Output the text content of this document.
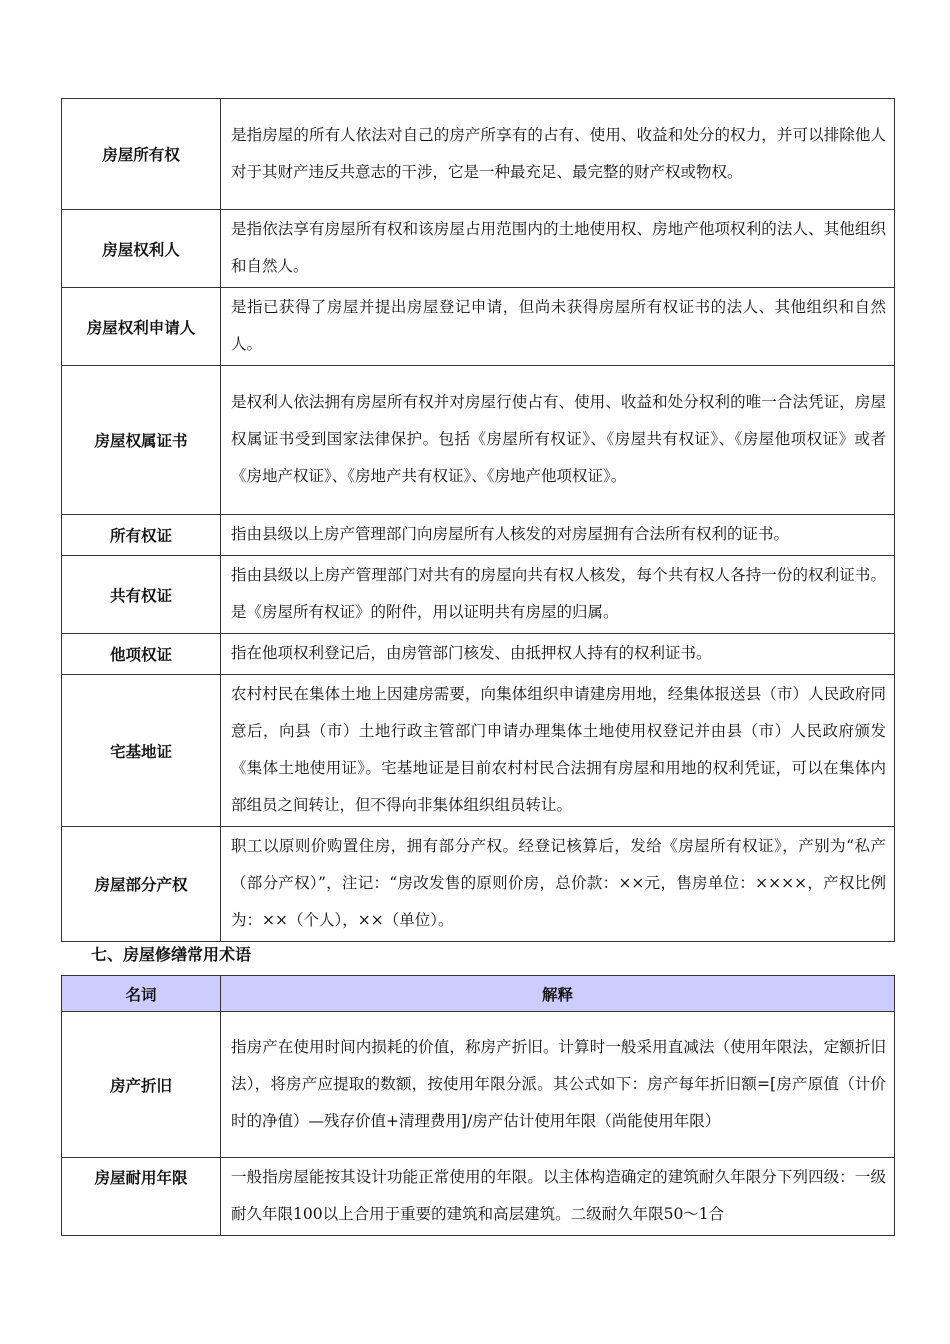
房屋所有权	是指房屋的所有人依法对自己的房产所享有的占有、使用、收益和处分的权力，并可以排除他人对于其财产违反共意志的干涉，它是一种最充足、最完整的财产权或物权。
房屋权利人	是指依法享有房屋所有权和该房屋占用范围内的土地使用权、房地产他项权利的法人、其他组织和自然人。
房屋权利申请人	是指已获得了房屋并提出房屋登记申请，但尚未获得房屋所有权证书的法人、其他组织和自然人。
房屋权属证书	是权利人依法拥有房屋所有权并对房屋行使占有、使用、收益和处分权利的唯一合法凭证，房屋权属证书受到国家法律保护。包括《房屋所有权证》、《房屋共有权证》、《房屋他项权证》或者《房地产权证》、《房地产共有权证》、《房地产他项权证》。
所有权证	指由县级以上房产管理部门向房屋所有人核发的对房屋拥有合法所有权利的证书。
共有权证	指由县级以上房产管理部门对共有的房屋向共有权人核发，每个共有权人各持一份的权利证书。是《房屋所有权证》的附件，用以证明共有房屋的归属。
他项权证	指在他项权利登记后，由房管部门核发、由抵押权人持有的权利证书。
宅基地证	农村村民在集体土地上因建房需要，向集体组织申请建房用地，经集体报送县（市）人民政府同意后，向县（市）土地行政主管部门申请办理集体土地使用权登记并由县（市）人民政府颁发《集体土地使用证》。宅基地证是目前农村村民合法拥有房屋和用地的权利凭证，可以在集体内部组员之间转让，但不得向非集体组织组员转让。
房屋部分产权	职工以原则价购置住房，拥有部分产权。经登记核算后，发给《房屋所有权证》，产别为“私产（部分产权）”，注记：“房改发售的原则价房，总价款：××元，售房单位：××××，产权比例为：××（个人），××（单位）。
七、房屋修缮常用术语
名词	解释
房产折旧	指房产在使用时间内损耗的价值，称房产折旧。计算时一般采用直减法（使用年限法，定额折旧法），将房产应提取的数额，按使用年限分派。其公式如下：房产每年折旧额=[房产原值（计价时的净值）—残存价值+清理费用]/房产估计使用年限（尚能使用年限）
房屋耐用年限	一般指房屋能按其设计功能正常使用的年限。以主体构造确定的建筑耐久年限分下列四级：一级耐久年限100以上合用于重要的建筑和高层建筑。二级耐久年限50～1合
